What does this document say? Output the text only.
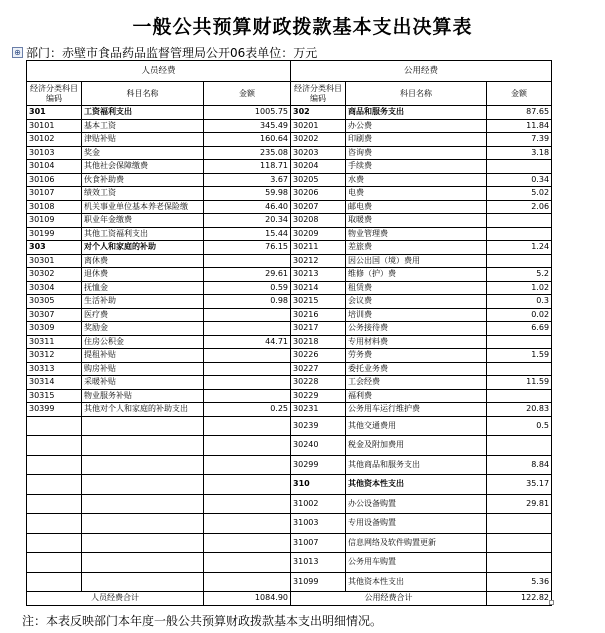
一般公共预算财政拨款基本支出决算表
⊕ 部门：赤壁市食品药品监督管理局公开06表单位：万元
人员经费			公用经费		
经济分类科目编码	科目名称	金额	经济分类科目编码	科目名称	金额
301	工资福利支出	1005.75	302	商品和服务支出	87.65
30101	基本工资	345.49	30201	办公费	11.84
30102	津贴补贴	160.64	30202	印刷费	7.39
30103	奖金	235.08	30203	咨询费	3.18
30104	其他社会保障缴费	118.71	30204	手续费	
30106	伙食补助费	3.67	30205	水费	0.34
30107	绩效工资	59.98	30206	电费	5.02
30108	机关事业单位基本养老保险缴	46.40	30207	邮电费	2.06
30109	职业年金缴费	20.34	30208	取暖费	
30199	其他工资福利支出	15.44	30209	物业管理费	
303	对个人和家庭的补助	76.15	30211	差旅费	1.24
30301	离休费		30212	因公出国（境）费用	
30302	退休费	29.61	30213	维修（护）费	5.2
30304	抚恤金	0.59	30214	租赁费	1.02
30305	生活补助	0.98	30215	会议费	0.3
30307	医疗费		30216	培训费	0.02
30309	奖励金		30217	公务接待费	6.69
30311	住房公积金	44.71	30218	专用材料费	
30312	提租补贴		30226	劳务费	1.59
30313	购房补贴		30227	委托业务费	
30314	采暖补贴		30228	工会经费	11.59
30315	物业服务补贴		30229	福利费	
30399	其他对个人和家庭的补助支出	0.25	30231	公务用车运行维护费	20.83
			30239	其他交通费用	0.5
			30240	税金及附加费用	
			30299	其他商品和服务支出	8.84
			310	其他资本性支出	35.17
			31002	办公设备购置	29.81
			31003	专用设备购置	
			31007	信息网络及软件购置更新	
			31013	公务用车购置	
			31099	其他资本性支出	5.36
人员经费合计		1084.90	公用经费合计		122.82
注：本表反映部门本年度一般公共预算财政拨款基本支出明细情况。
